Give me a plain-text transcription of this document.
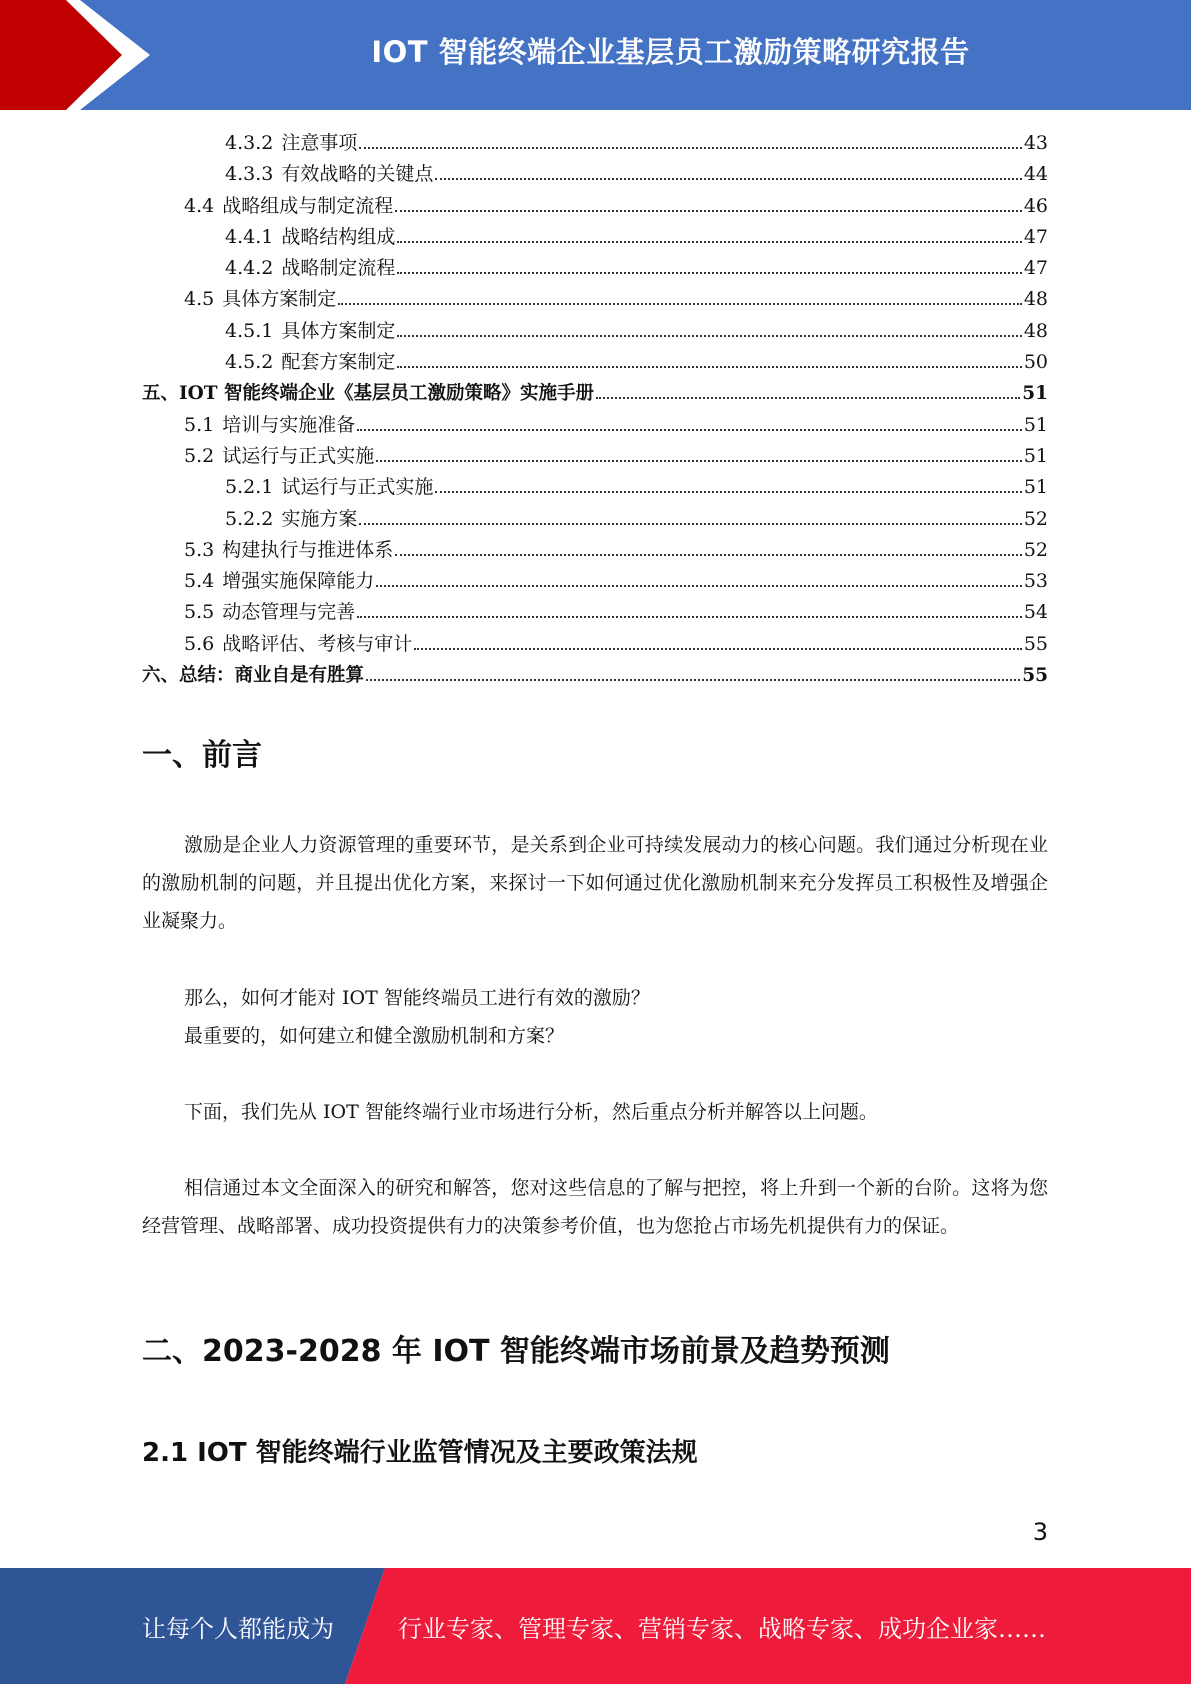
IOT 智能终端企业基层员工激励策略研究报告
4.3.2 注意事项	43
4.3.3 有效战略的关键点	44
4.4 战略组成与制定流程	46
4.4.1 战略结构组成	47
4.4.2 战略制定流程	47
4.5 具体方案制定	48
4.5.1 具体方案制定	48
4.5.2 配套方案制定	50
五、IOT 智能终端企业《基层员工激励策略》实施手册	51
5.1 培训与实施准备	51
5.2 试运行与正式实施	51
5.2.1 试运行与正式实施	51
5.2.2 实施方案	52
5.3 构建执行与推进体系	52
5.4 增强实施保障能力	53
5.5 动态管理与完善	54
5.6 战略评估、考核与审计	55
六、总结：商业自是有胜算	55
一、前言

激励是企业人力资源管理的重要环节，是关系到企业可持续发展动力的核心问题。我们通过分析现在业的激励机制的问题，并且提出优化方案，来探讨一下如何通过优化激励机制来充分发挥员工积极性及增强企业凝聚力。

那么，如何才能对 IOT 智能终端员工进行有效的激励？

最重要的，如何建立和健全激励机制和方案？

下面，我们先从 IOT 智能终端行业市场进行分析，然后重点分析并解答以上问题。

相信通过本文全面深入的研究和解答，您对这些信息的了解与把控，将上升到一个新的台阶。这将为您经营管理、战略部署、成功投资提供有力的决策参考价值，也为您抢占市场先机提供有力的保证。

二、2023-2028 年 IOT 智能终端市场前景及趋势预测
2.1 IOT 智能终端行业监管情况及主要政策法规
3
让每个人都能成为	行业专家、管理专家、营销专家、战略专家、成功企业家……
